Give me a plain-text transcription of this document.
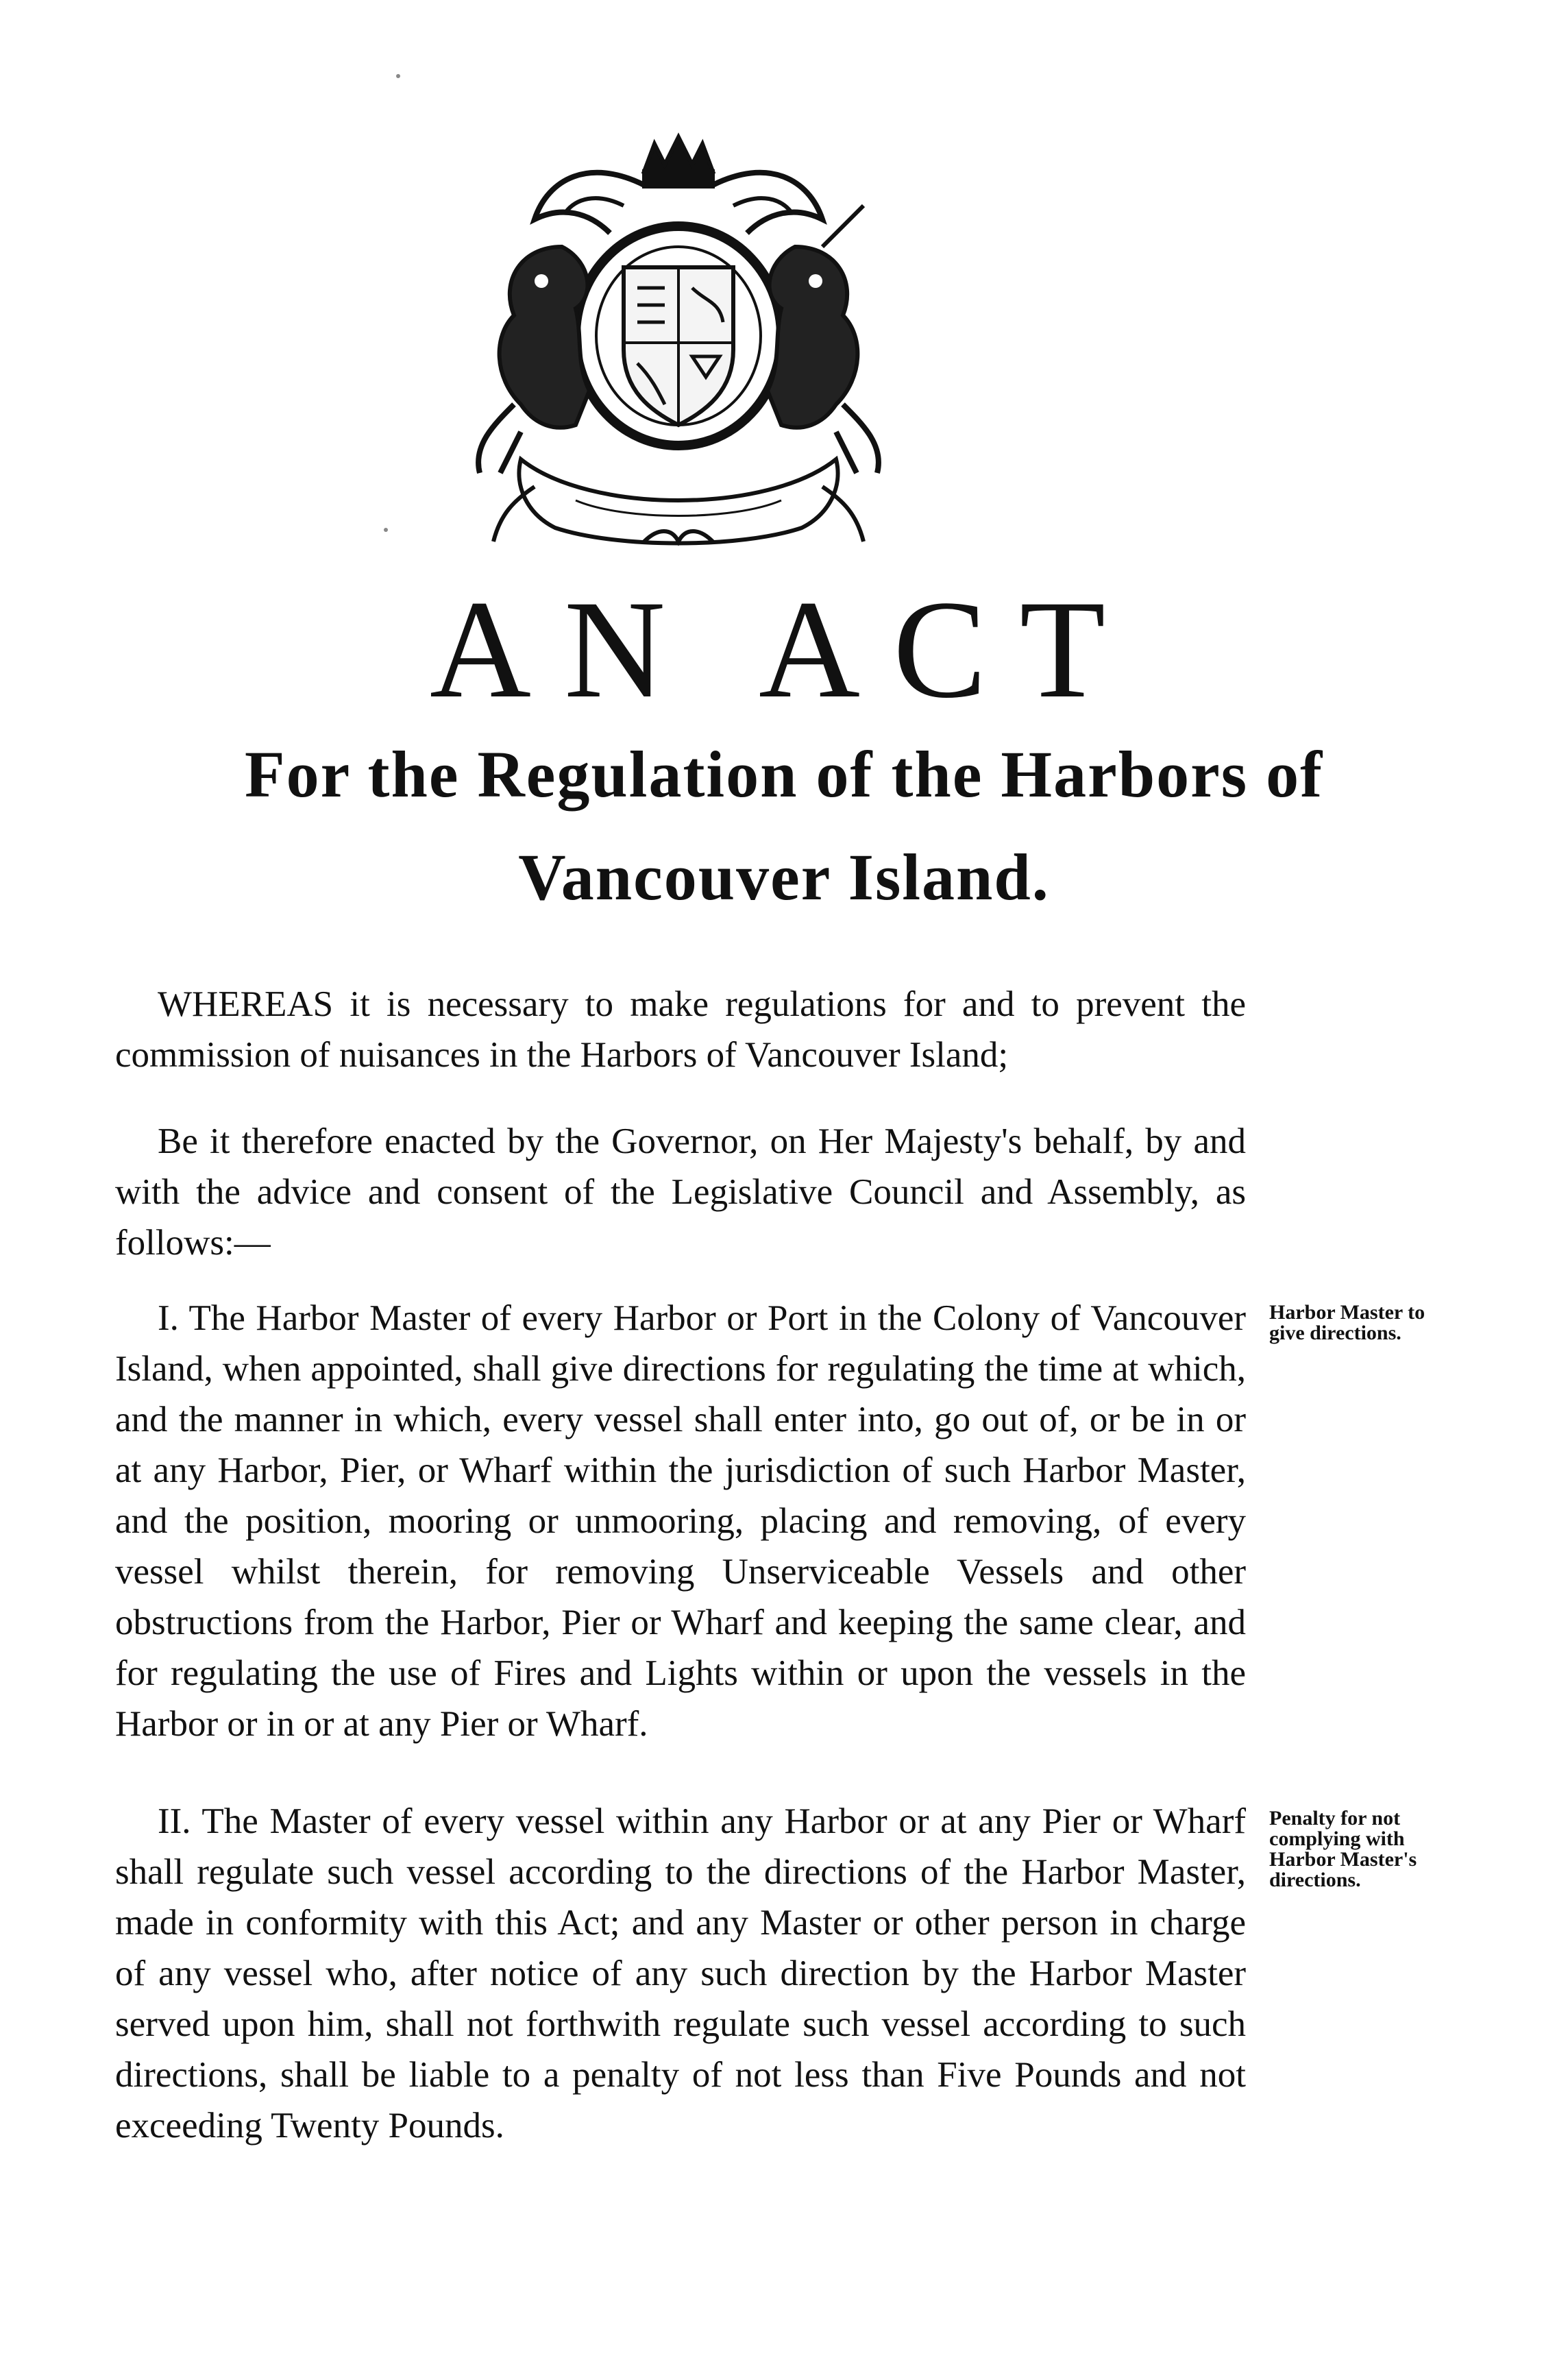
AN ACT
For the Regulation of the Harbors of
Vancouver Island.

WHEREAS it is necessary to make regulations for and to prevent the commission of nuisances in the Harbors of Vancouver Island;

Be it therefore enacted by the Governor, on Her Majesty's behalf, by and with the advice and consent of the Legislative Council and Assembly, as follows:—

I. The Harbor Master of every Harbor or Port in the Colony of Vancouver Island, when appointed, shall give directions for regulating the time at which, and the manner in which, every vessel shall enter into, go out of, or be in or at any Harbor, Pier, or Wharf within the jurisdiction of such Harbor Master, and the position, mooring or unmooring, placing and removing, of every vessel whilst therein, for removing Unserviceable Vessels and other obstructions from the Harbor, Pier or Wharf and keeping the same clear, and for regulating the use of Fires and Lights within or upon the vessels in the Harbor or in or at any Pier or Wharf.

Harbor Master to give directions.

II. The Master of every vessel within any Harbor or at any Pier or Wharf shall regulate such vessel according to the directions of the Harbor Master, made in conformity with this Act; and any Master or other person in charge of any vessel who, after notice of any such direction by the Harbor Master served upon him, shall not forthwith regulate such vessel according to such directions, shall be liable to a penalty of not less than Five Pounds and not exceeding Twenty Pounds.

Penalty for not complying with Harbor Master's directions.
